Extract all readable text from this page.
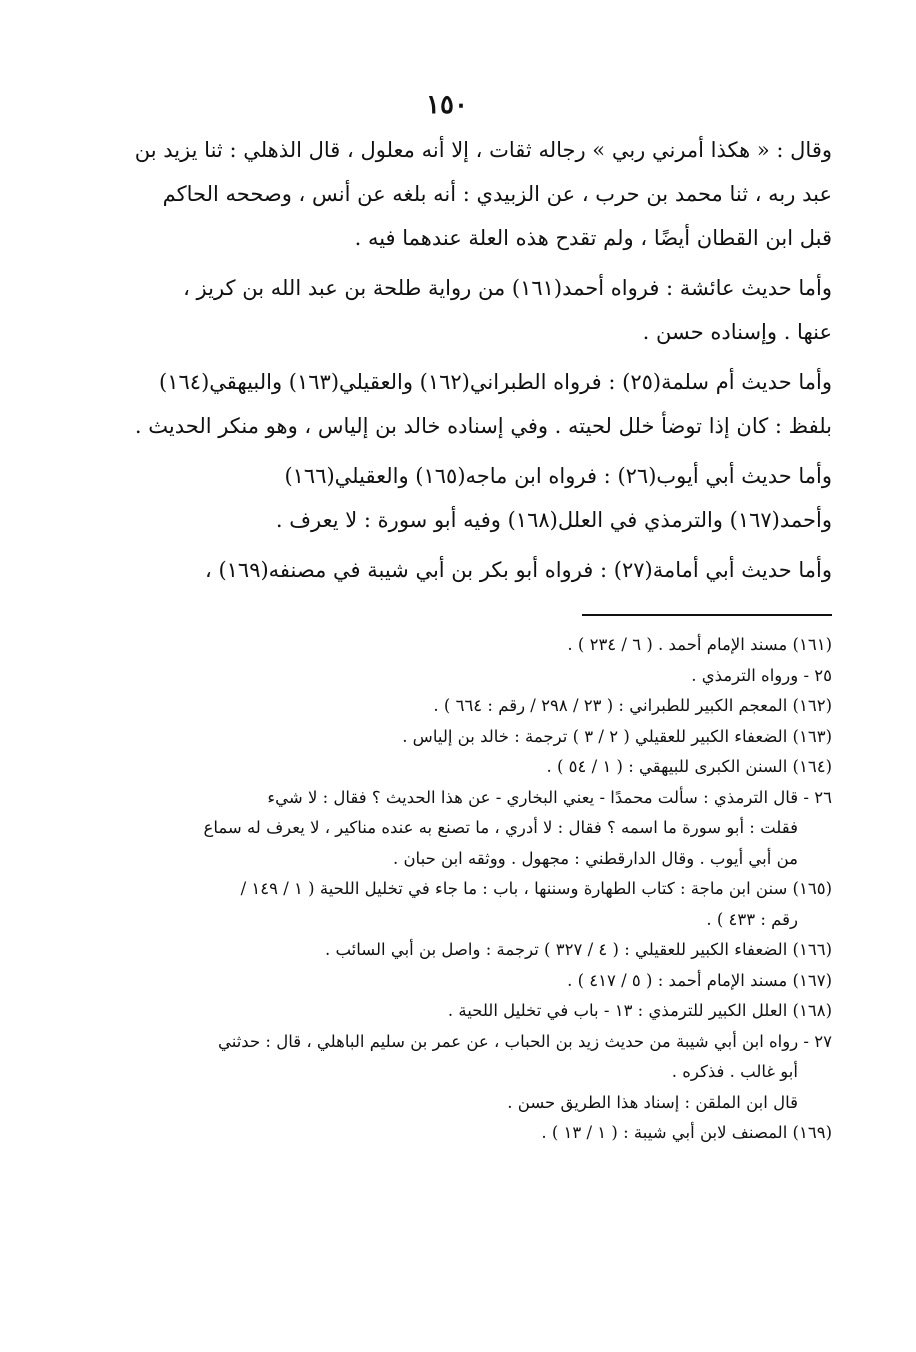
١٥٠
وقال : « هكذا أمرني ربي » رجاله ثقات ، إلا أنه معلول ، قال الذهلي : ثنا يزيد بن
عبد ربه ، ثنا محمد بن حرب ، عن الزبيدي : أنه بلغه عن أنس ، وصححه الحاكم
قبل ابن القطان أيضًا ، ولم تقدح هذه العلة عندهما فيه .
وأما حديث عائشة : فرواه أحمد(١٦١) من رواية طلحة بن عبد الله بن كريز ،
عنها . وإسناده حسن .
وأما حديث أم سلمة(٢٥) : فرواه الطبراني(١٦٢) والعقيلي(١٦٣) والبيهقي(١٦٤)
بلفظ : كان إذا توضأ خلل لحيته . وفي إسناده خالد بن إلياس ، وهو منكر الحديث .
وأما حديث أبي أيوب(٢٦) : فرواه ابن ماجه(١٦٥) والعقيلي(١٦٦)
وأحمد(١٦٧) والترمذي في العلل(١٦٨) وفيه أبو سورة : لا يعرف .
وأما حديث أبي أمامة(٢٧) : فرواه أبو بكر بن أبي شيبة في مصنفه(١٦٩) ،
(١٦١) مسند الإمام أحمد . ( ٦ / ٢٣٤ ) .
٢٥ - ورواه الترمذي .
(١٦٢) المعجم الكبير للطبراني : ( ٢٣ / ٢٩٨ / رقم : ٦٦٤ ) .
(١٦٣) الضعفاء الكبير للعقيلي ( ٢ / ٣ ) ترجمة : خالد بن إلياس .
(١٦٤) السنن الكبرى للبيهقي : ( ١ / ٥٤ ) .
٢٦ - قال الترمذي : سألت محمدًا - يعني البخاري - عن هذا الحديث ؟ فقال : لا شيء
فقلت : أبو سورة ما اسمه ؟ فقال : لا أدري ، ما تصنع به عنده مناكير ، لا يعرف له سماع
من أبي أيوب . وقال الدارقطني : مجهول . ووثقه ابن حبان .
(١٦٥) سنن ابن ماجة : كتاب الطهارة وسننها ، باب : ما جاء في تخليل اللحية ( ١ / ١٤٩ /
رقم : ٤٣٣ ) .
(١٦٦) الضعفاء الكبير للعقيلي : ( ٤ / ٣٢٧ ) ترجمة : واصل بن أبي السائب .
(١٦٧) مسند الإمام أحمد : ( ٥ / ٤١٧ ) .
(١٦٨) العلل الكبير للترمذي : ١٣ - باب في تخليل اللحية .
٢٧ - رواه ابن أبي شيبة من حديث زيد بن الحباب ، عن عمر بن سليم الباهلي ، قال : حدثني
أبو غالب . فذكره .
قال ابن الملقن : إسناد هذا الطريق حسن .
(١٦٩) المصنف لابن أبي شيبة : ( ١ / ١٣ ) .
